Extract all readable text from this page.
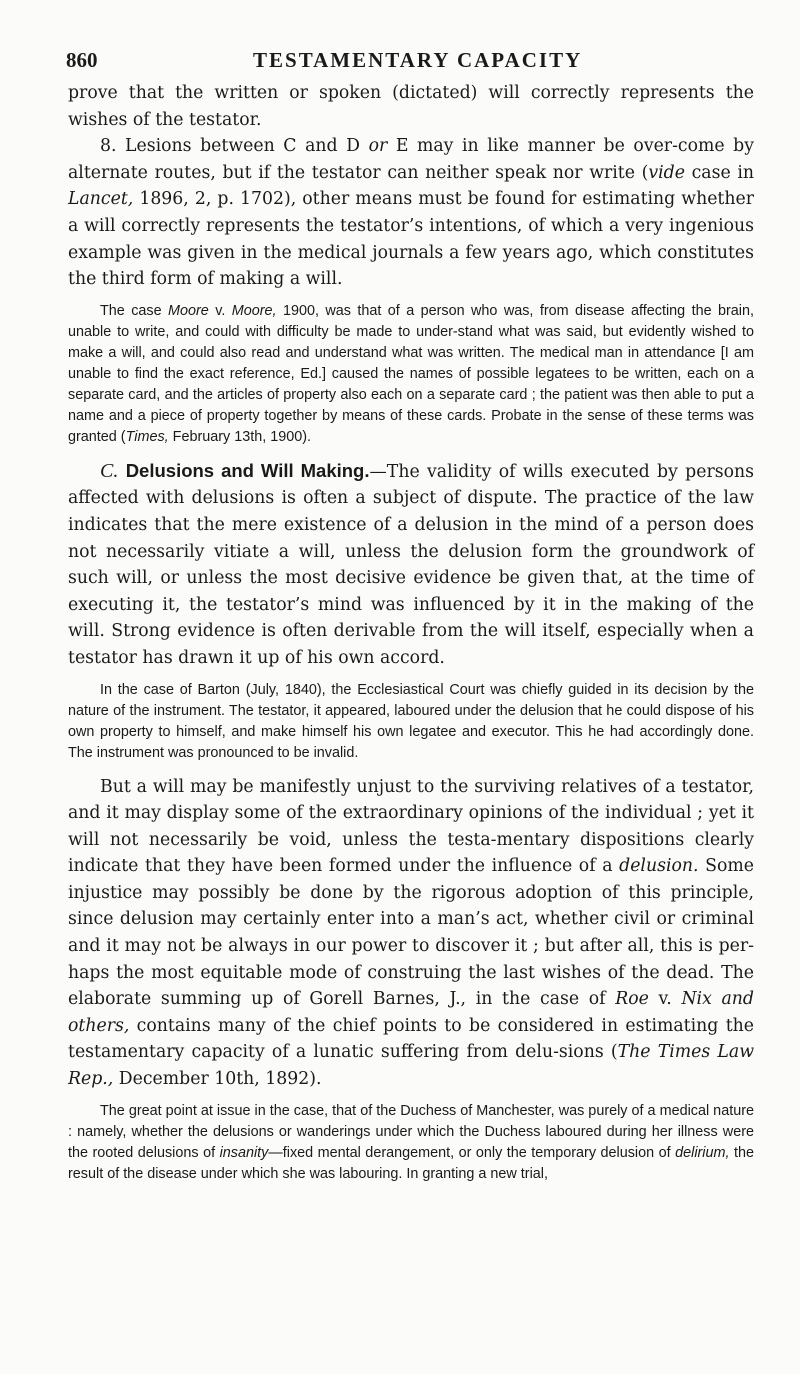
860	TESTAMENTARY CAPACITY

prove that the written or spoken (dictated) will correctly represents the wishes of the testator.

8. Lesions between C and D or E may in like manner be over-come by alternate routes, but if the testator can neither speak nor write (vide case in Lancet, 1896, 2, p. 1702), other means must be found for estimating whether a will correctly represents the testator’s intentions, of which a very ingenious example was given in the medical journals a few years ago, which constitutes the third form of making a will.

The case Moore v. Moore, 1900, was that of a person who was, from disease affecting the brain, unable to write, and could with difficulty be made to under-stand what was said, but evidently wished to make a will, and could also read and understand what was written. The medical man in attendance [I am unable to find the exact reference, Ed.] caused the names of possible legatees to be written, each on a separate card, and the articles of property also each on a separate card ; the patient was then able to put a name and a piece of property together by means of these cards. Probate in the sense of these terms was granted (Times, February 13th, 1900).

C. Delusions and Will Making.—The validity of wills executed by persons affected with delusions is often a subject of dispute. The practice of the law indicates that the mere existence of a delusion in the mind of a person does not necessarily vitiate a will, unless the delusion form the groundwork of such will, or unless the most decisive evidence be given that, at the time of executing it, the testator’s mind was influenced by it in the making of the will. Strong evidence is often derivable from the will itself, especially when a testator has drawn it up of his own accord.

In the case of Barton (July, 1840), the Ecclesiastical Court was chiefly guided in its decision by the nature of the instrument. The testator, it appeared, laboured under the delusion that he could dispose of his own property to himself, and make himself his own legatee and executor. This he had accordingly done. The instrument was pronounced to be invalid.

But a will may be manifestly unjust to the surviving relatives of a testator, and it may display some of the extraordinary opinions of the individual ; yet it will not necessarily be void, unless the testa-mentary dispositions clearly indicate that they have been formed under the influence of a delusion. Some injustice may possibly be done by the rigorous adoption of this principle, since delusion may certainly enter into a man’s act, whether civil or criminal and it may not be always in our power to discover it ; but after all, this is per-haps the most equitable mode of construing the last wishes of the dead. The elaborate summing up of Gorell Barnes, J., in the case of Roe v. Nix and others, contains many of the chief points to be considered in estimating the testamentary capacity of a lunatic suffering from delu-sions (The Times Law Rep., December 10th, 1892).

The great point at issue in the case, that of the Duchess of Manchester, was purely of a medical nature : namely, whether the delusions or wanderings under which the Duchess laboured during her illness were the rooted delusions of insanity—fixed mental derangement, or only the temporary delusion of delirium, the result of the disease under which she was labouring. In granting a new trial,
